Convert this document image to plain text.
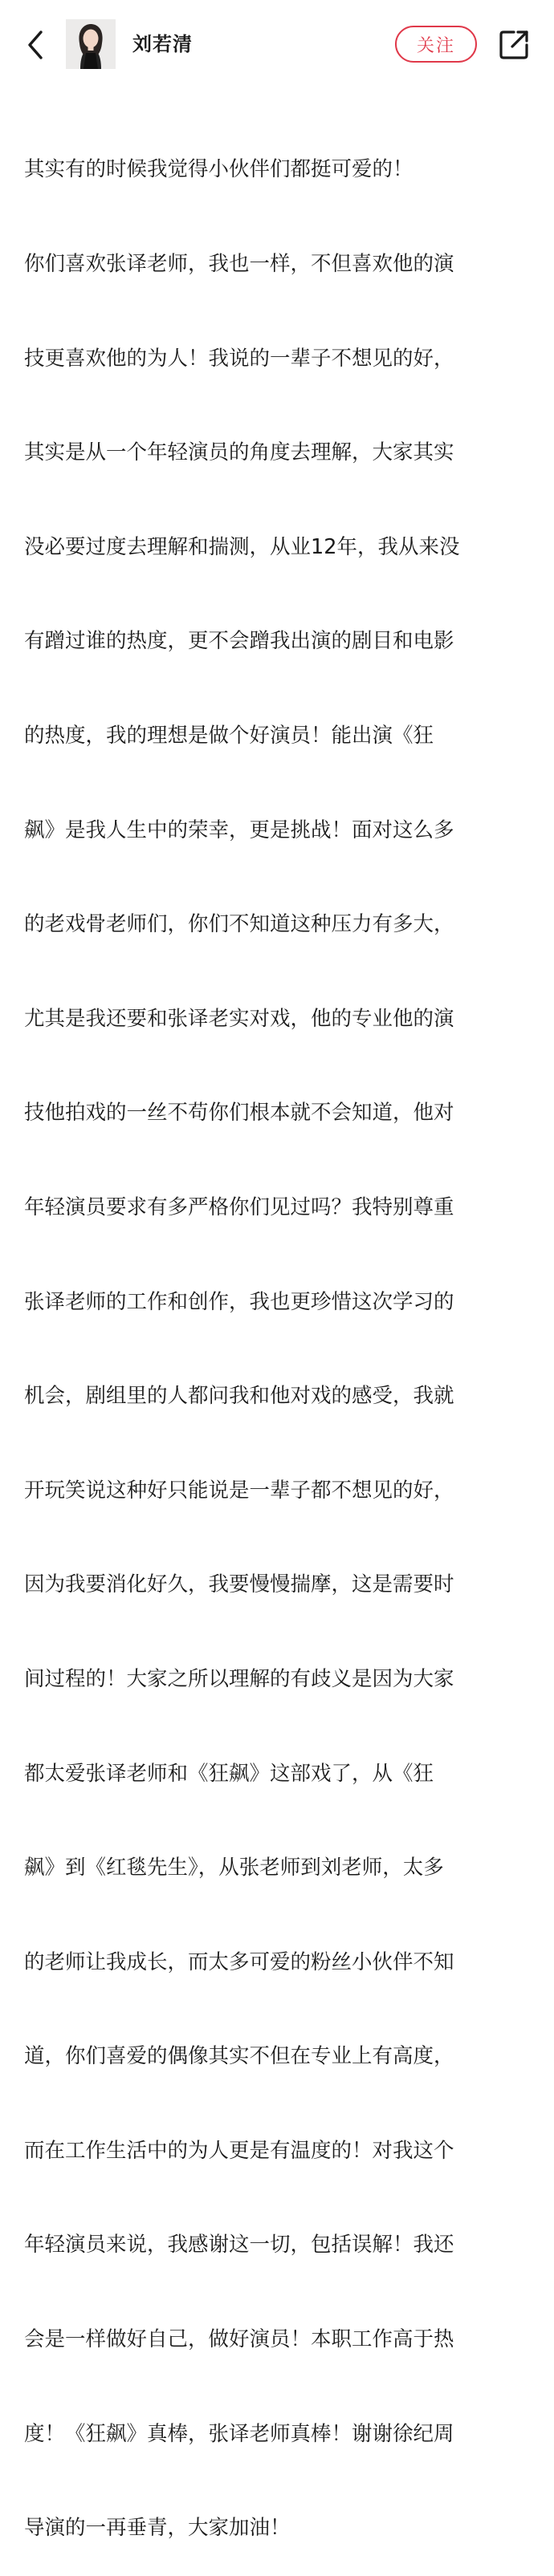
刘若清	关注

其实有的时候我觉得小伙伴们都挺可爱的！

你们喜欢张译老师，我也一样，不但喜欢他的演

技更喜欢他的为人！我说的一辈子不想见的好，

其实是从一个年轻演员的角度去理解，大家其实

没必要过度去理解和揣测，从业12年，我从来没

有蹭过谁的热度，更不会蹭我出演的剧目和电影

的热度，我的理想是做个好演员！能出演《狂

飙》是我人生中的荣幸，更是挑战！面对这么多

的老戏骨老师们，你们不知道这种压力有多大，

尤其是我还要和张译老实对戏，他的专业他的演

技他拍戏的一丝不苟你们根本就不会知道，他对

年轻演员要求有多严格你们见过吗？我特别尊重

张译老师的工作和创作，我也更珍惜这次学习的

机会，剧组里的人都问我和他对戏的感受，我就

开玩笑说这种好只能说是一辈子都不想见的好，

因为我要消化好久，我要慢慢揣摩，这是需要时

间过程的！大家之所以理解的有歧义是因为大家

都太爱张译老师和《狂飙》这部戏了，从《狂

飙》到《红毯先生》，从张老师到刘老师，太多

的老师让我成长，而太多可爱的粉丝小伙伴不知

道，你们喜爱的偶像其实不但在专业上有高度，

而在工作生活中的为人更是有温度的！对我这个

年轻演员来说，我感谢这一切，包括误解！我还

会是一样做好自己，做好演员！本职工作高于热

度！《狂飙》真棒，张译老师真棒！谢谢徐纪周

导演的一再垂青，大家加油！
